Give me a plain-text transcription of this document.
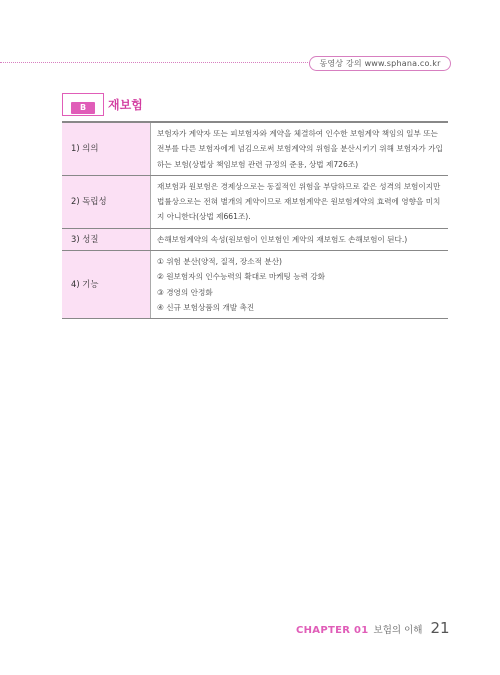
동영상 강의 www.sphana.co.kr
B	재보험
1) 의의	보험자가 계약자 또는 피보험자와 계약을 체결하여 인수한 보험계약 책임의 일부 또는 전부를 다른 보험자에게 넘김으로써 보험계약의 위험을 분산시키기 위해 보험자가 가입하는 보험(상법상 책임보험 관련 규정의 준용, 상법 제726조)
2) 독립성	재보험과 원보험은 경제상으로는 동질적인 위험을 부담하므로 같은 성격의 보험이지만 법률상으로는 전혀 별개의 계약이므로 재보험계약은 원보험계약의 효력에 영향을 미치지 아니한다(상법 제661조).
3) 성질	손해보험계약의 속성(원보험이 인보험인 계약의 재보험도 손해보험이 된다.)
4) 기능	① 위험 분산(양적, 질적, 장소적 분산)
② 원보험자의 인수능력의 확대로 마케팅 능력 강화
③ 경영의 안정화
④ 신규 보험상품의 개발 촉진
CHAPTER 01 보험의 이해 21
